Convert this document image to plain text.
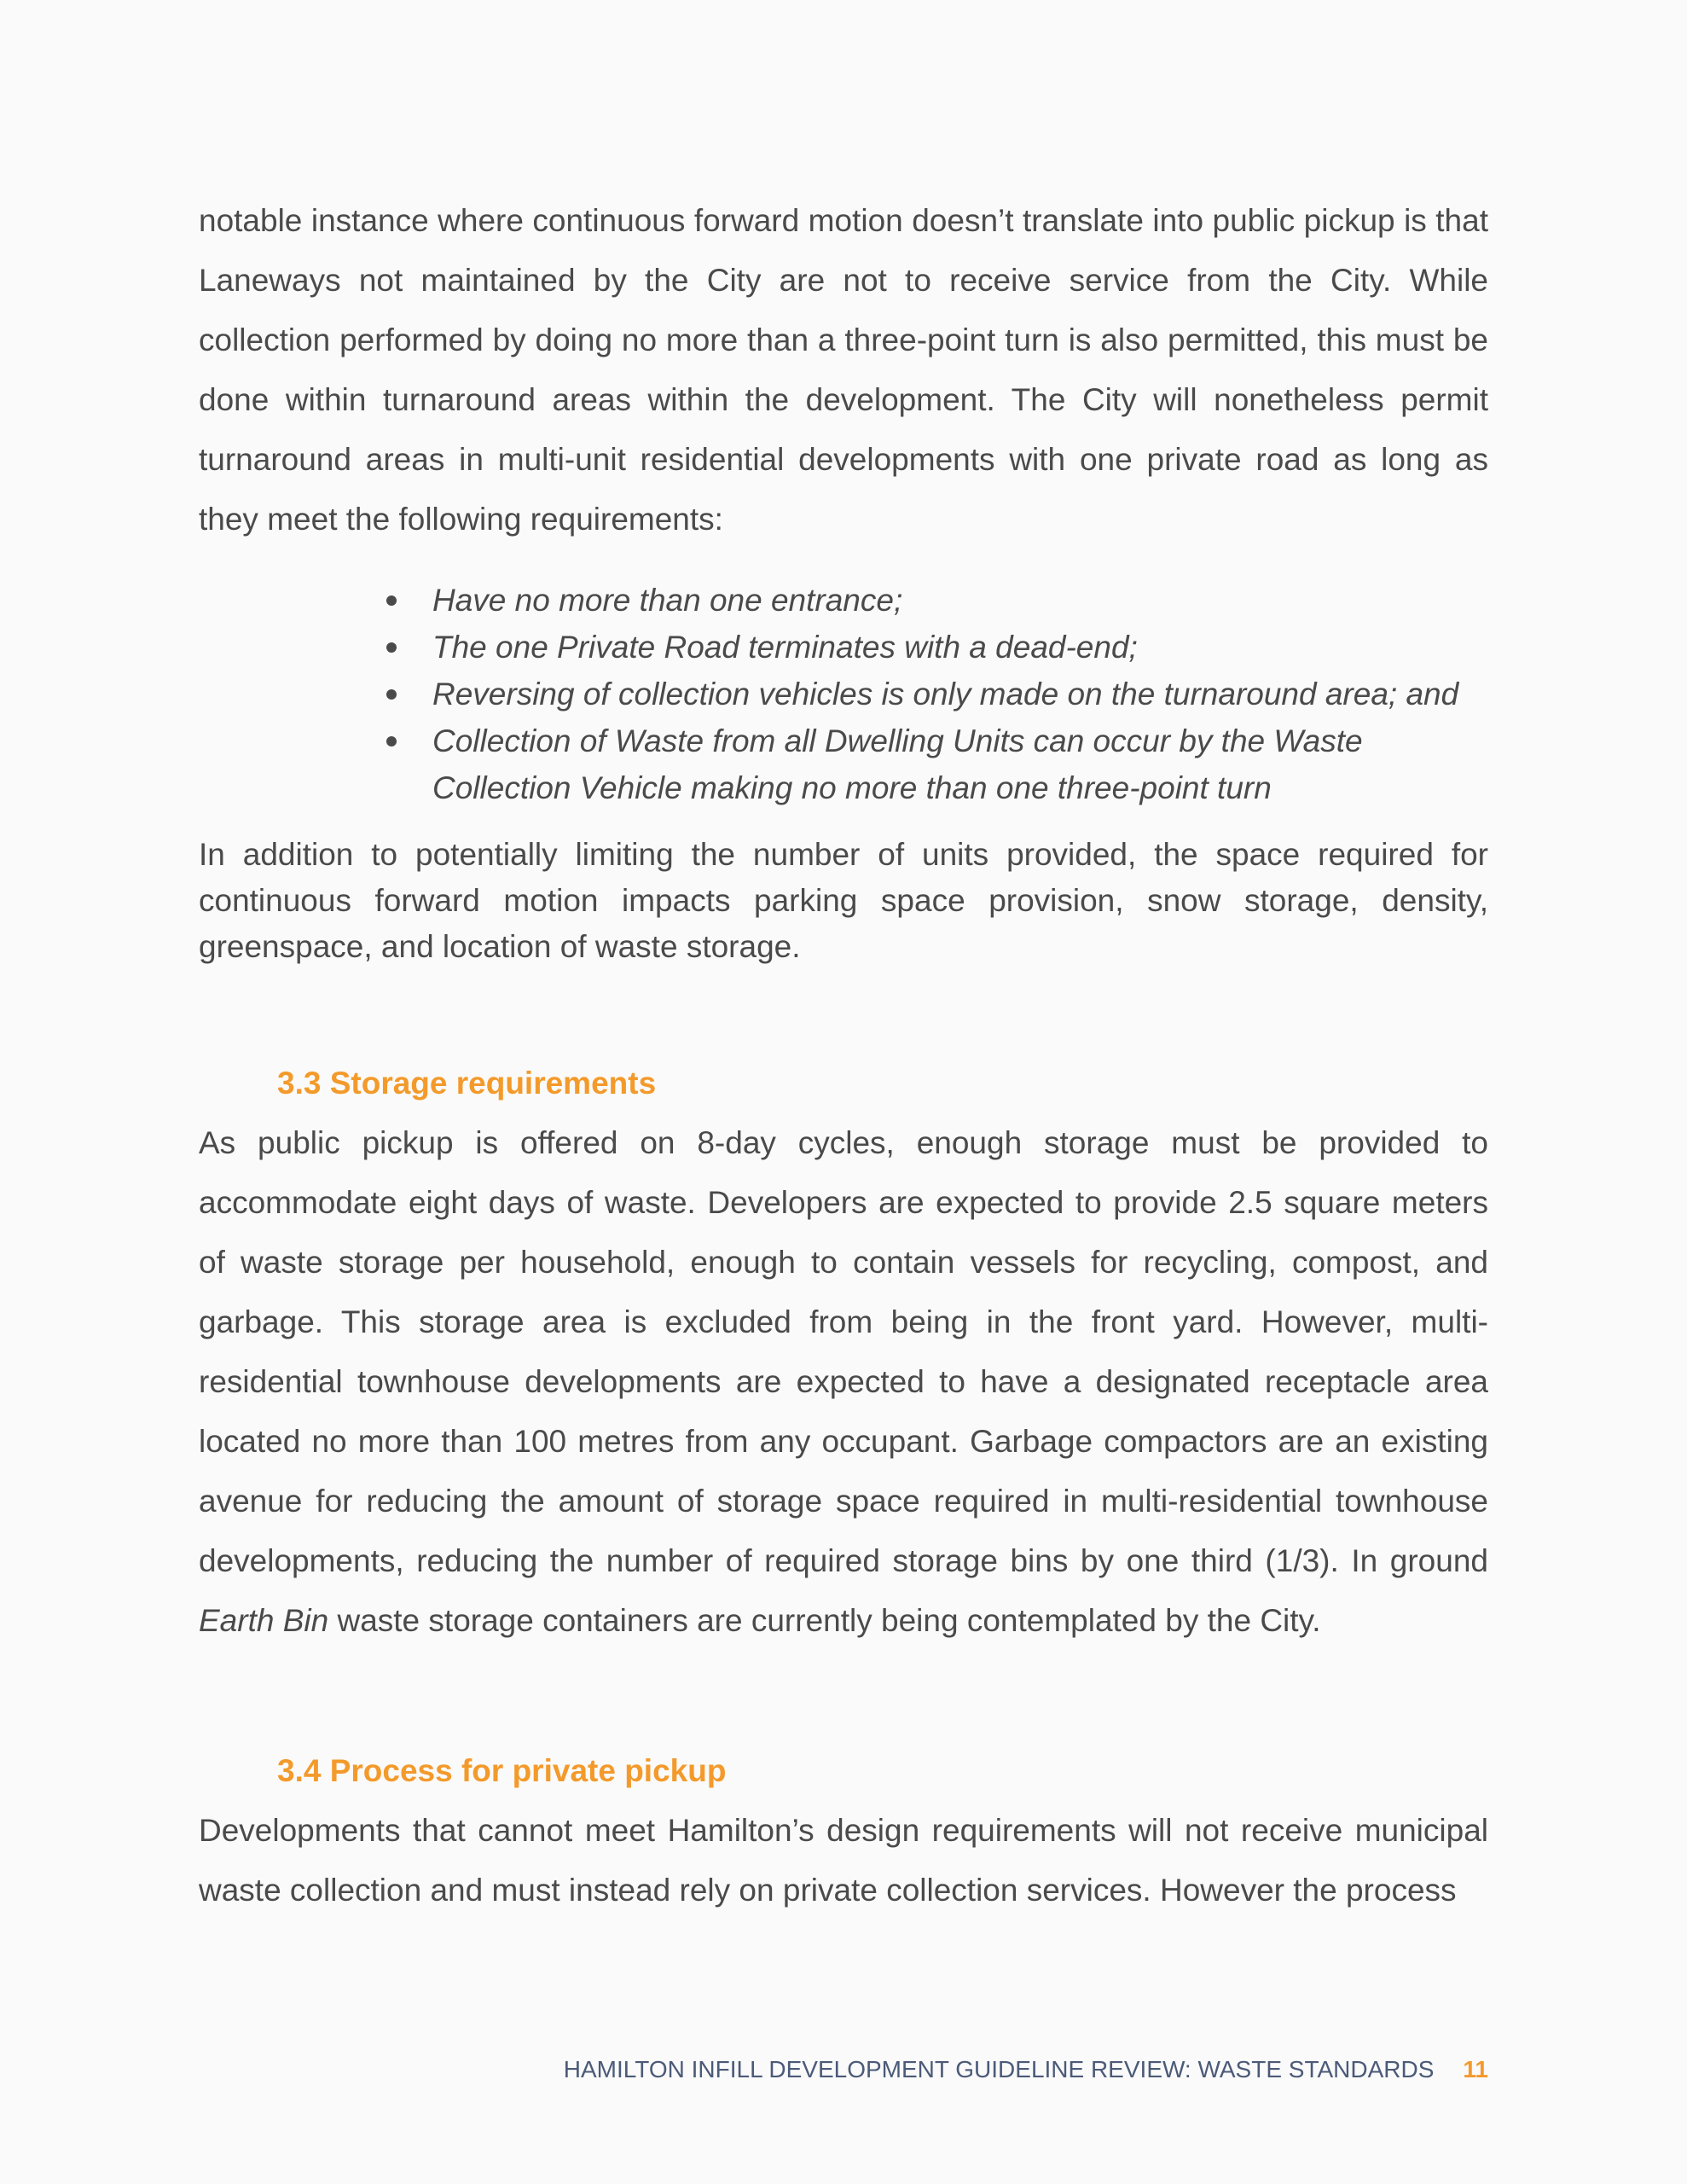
notable instance where continuous forward motion doesn’t translate into public pickup is that Laneways not maintained by the City are not to receive service from the City. While collection performed by doing no more than a three-point turn is also permitted, this must be done within turnaround areas within the development. The City will nonetheless permit turnaround areas in multi-unit residential developments with one private road as long as they meet the following requirements:

Have no more than one entrance;
The one Private Road terminates with a dead-end;
Reversing of collection vehicles is only made on the turnaround area; and
Collection of Waste from all Dwelling Units can occur by the Waste Collection Vehicle making no more than one three-point turn

In addition to potentially limiting the number of units provided, the space required for continuous forward motion impacts parking space provision, snow storage, density, greenspace, and location of waste storage.

3.3 Storage requirements

As public pickup is offered on 8-day cycles, enough storage must be provided to accommodate eight days of waste. Developers are expected to provide 2.5 square meters of waste storage per household, enough to contain vessels for recycling, compost, and garbage. This storage area is excluded from being in the front yard. However, multi-residential townhouse developments are expected to have a designated receptacle area located no more than 100 metres from any occupant. Garbage compactors are an existing avenue for reducing the amount of storage space required in multi-residential townhouse developments, reducing the number of required storage bins by one third (1/3). In ground Earth Bin waste storage containers are currently being contemplated by the City.

3.4 Process for private pickup

Developments that cannot meet Hamilton’s design requirements will not receive municipal waste collection and must instead rely on private collection services. However the process

HAMILTON INFILL DEVELOPMENT GUIDELINE REVIEW: WASTE STANDARDS 11
